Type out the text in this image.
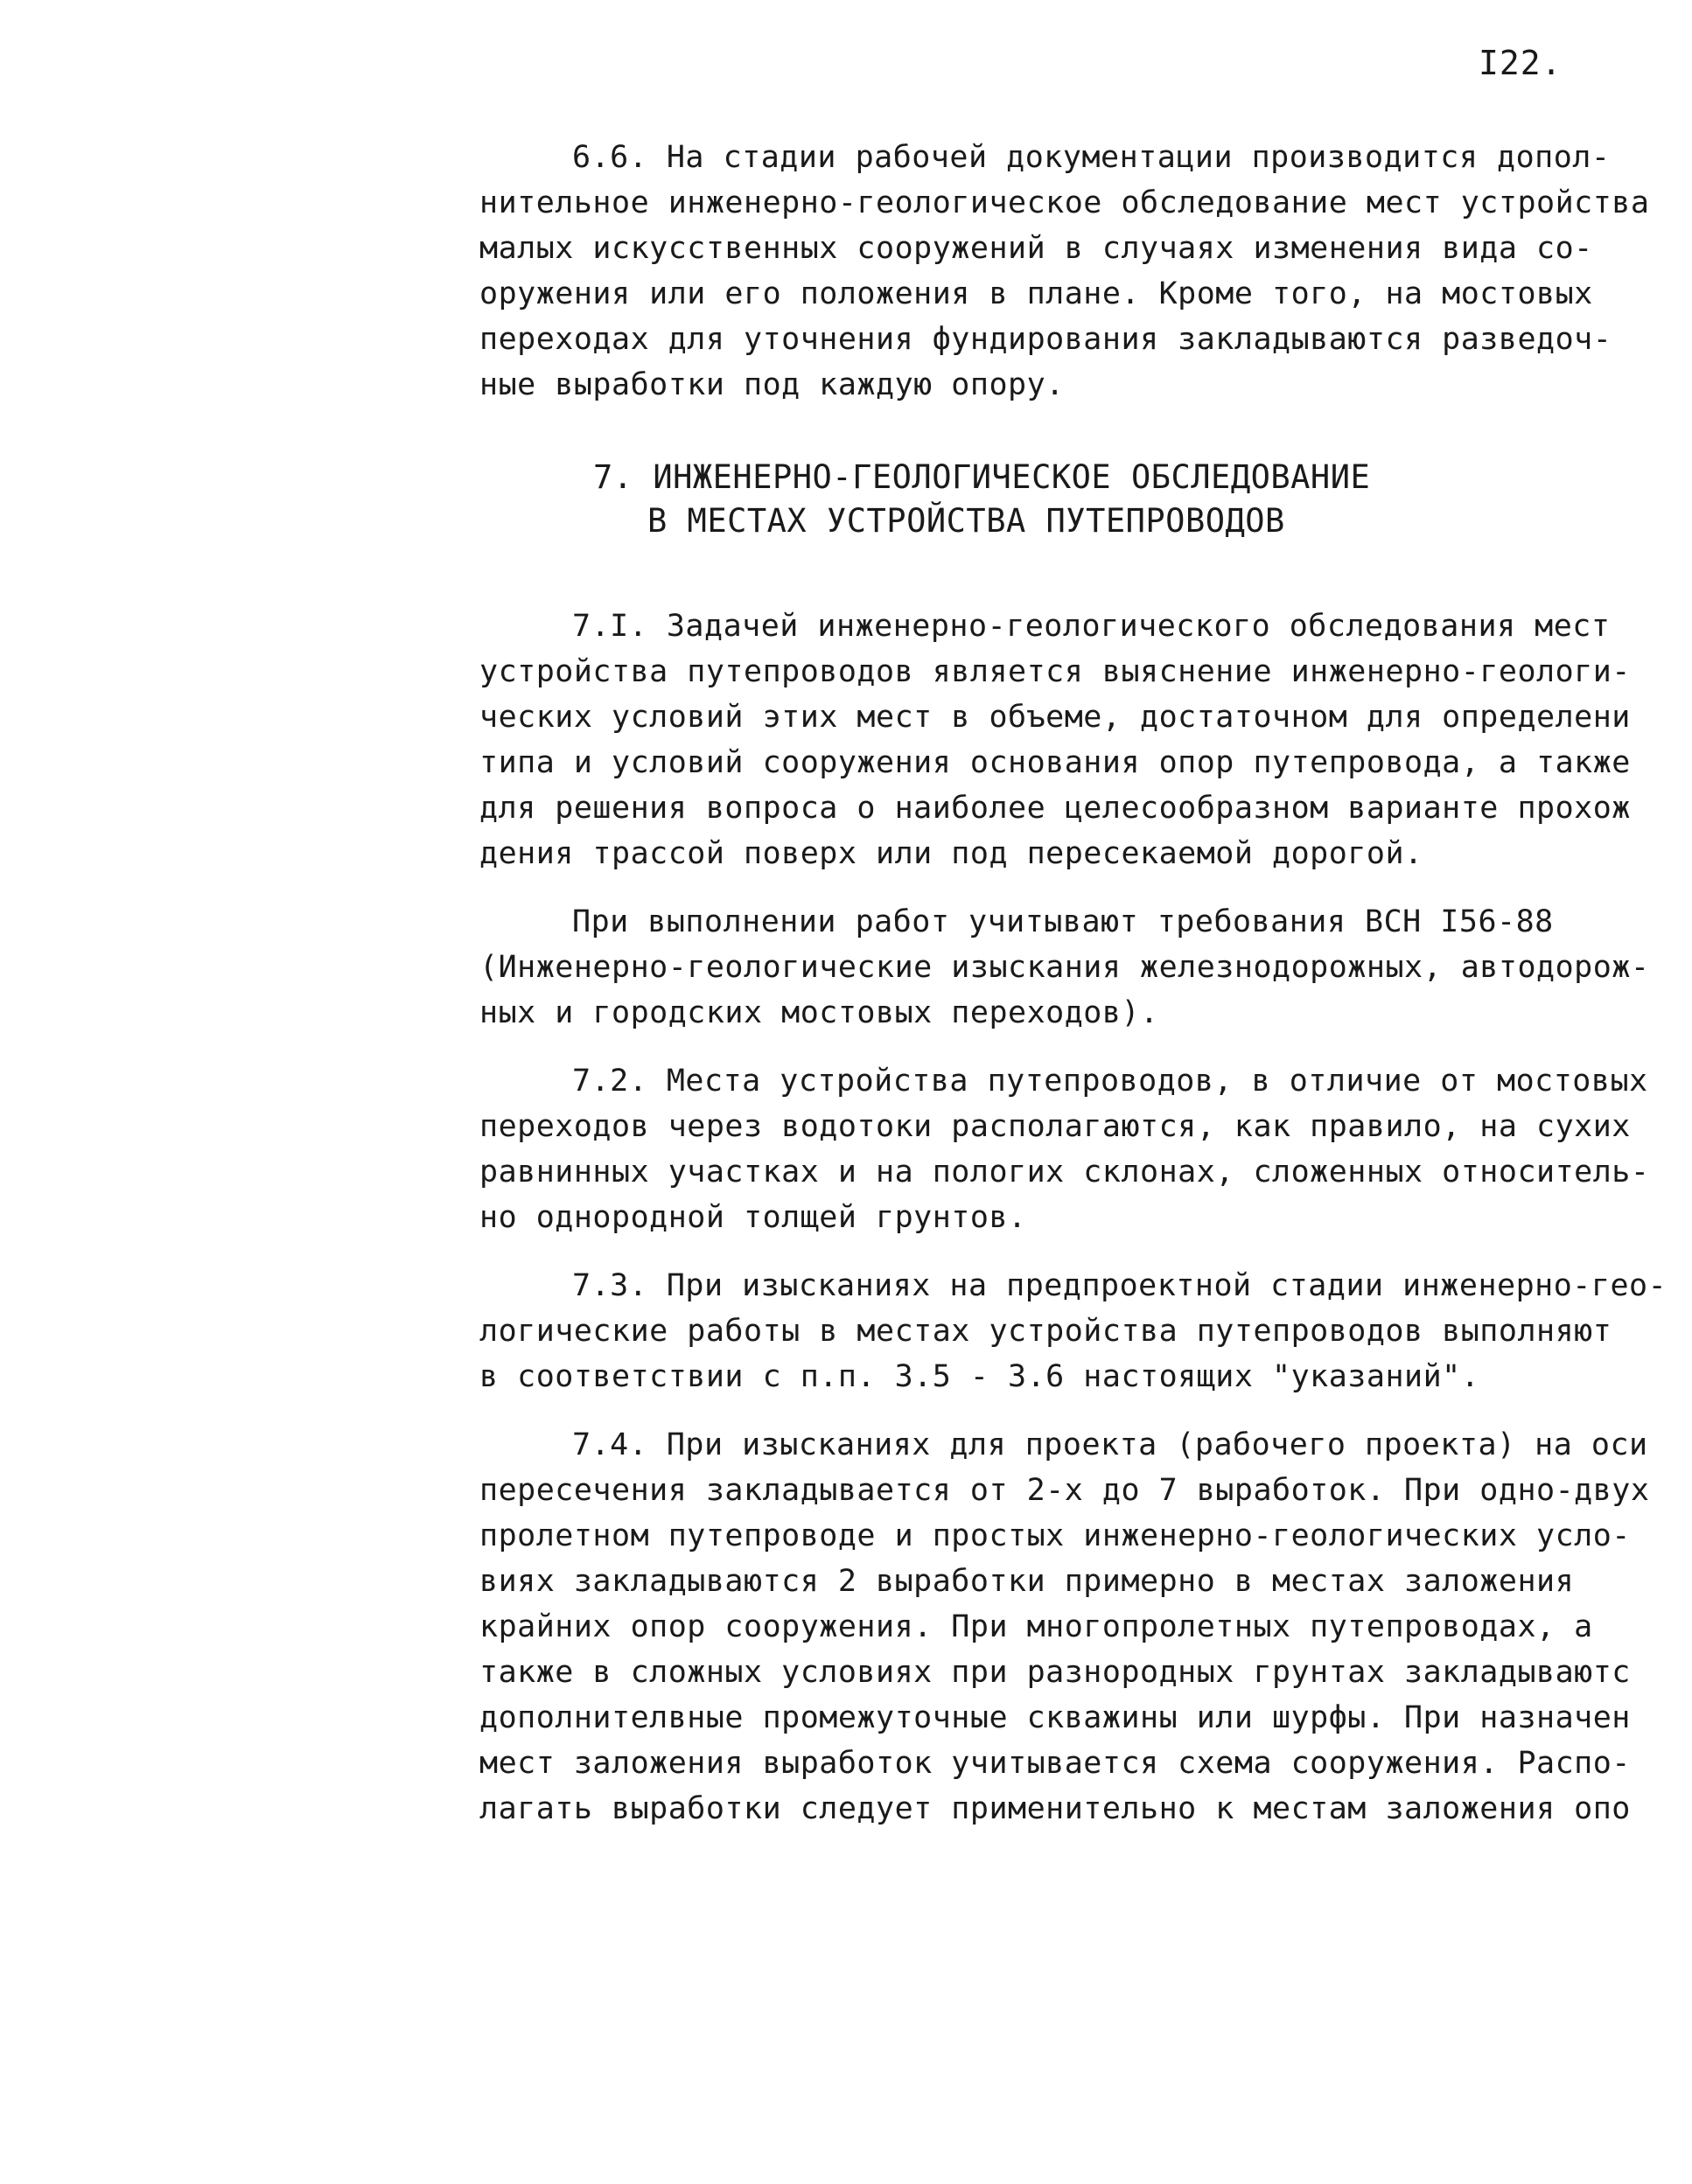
I22.
6.6. На стадии рабочей документации производится допол-
нительное инженерно-геологическое обследование мест устройства
малых искусственных сооружений в случаях изменения вида со-
оружения или его положения в плане. Кроме того, на мостовых
переходах для уточнения фундирования закладываются разведоч-
ные выработки под каждую опору.
7. ИНЖЕНЕРНО-ГЕОЛОГИЧЕСКОЕ ОБСЛЕДОВАНИЕ
В МЕСТАХ УСТРОЙСТВА ПУТЕПРОВОДОВ
7.I. Задачей инженерно-геологического обследования мест
устройства путепроводов является выяснение инженерно-геологи-
ческих условий этих мест в объеме, достаточном для определени
типа и условий сооружения основания опор путепровода, а также
для решения вопроса о наиболее целесообразном варианте прохож
дения трассой поверх или под пересекаемой дорогой.
При выполнении работ учитывают требования ВСН I56-88
(Инженерно-геологические изыскания железнодорожных, автодорож-
ных и городских мостовых переходов).
7.2. Места устройства путепроводов, в отличие от мостовых
переходов через водотоки располагаются, как правило, на сухих
равнинных участках и на пологих склонах, сложенных относитель-
но однородной толщей грунтов.
7.3. При изысканиях на предпроектной стадии инженерно-гео-
логические работы в местах устройства путепроводов выполняют
в соответствии с п.п. 3.5 - 3.6 настоящих "указаний".
7.4. При изысканиях для проекта (рабочего проекта) на оси
пересечения закладывается от 2-х до 7 выработок. При одно-двух
пролетном путепроводе и простых инженерно-геологических усло-
виях закладываются 2 выработки примерно в местах заложения
крайних опор сооружения. При многопролетных путепроводах, а
также в сложных условиях при разнородных грунтах закладываютс
дополнителвные промежуточные скважины или шурфы. При назначен
мест заложения выработок учитывается схема сооружения. Распо-
лагать выработки следует применительно к местам заложения опо
